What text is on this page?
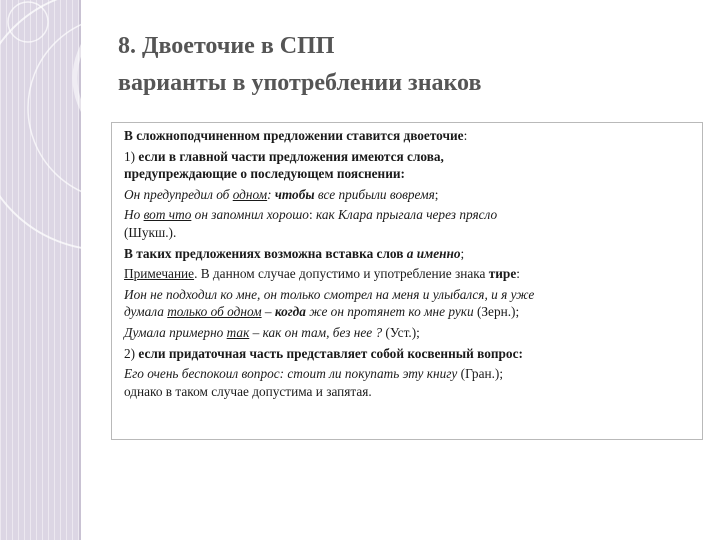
8. Двоеточие в СПП
варианты в употреблении знаков
В сложноподчиненном предложении ставится двоеточие:
1) если в главной части предложения имеются слова,
предупреждающие о последующем пояснении:
Он предупредил об одном: чтобы все прибыли вовремя;
Но вот что он запомнил хорошо: как Клара прыгала через прясло
(Шукш.).
В таких предложениях возможна вставка слов а именно;
Примечание. В данном случае допустимо и употребление знака тире:
Ион не подходил ко мне, он только смотрел на меня и улыбался, и я уже
думала только об одном – когда же он протянет ко мне руки (Зерн.);
Думала примерно так – как он там, без нее ? (Уст.);
2) если придаточная часть представляет собой косвенный вопрос:
Его очень беспокоил вопрос: стоит ли покупать эту книгу (Гран.);
однако в таком случае допустима и запятая.
